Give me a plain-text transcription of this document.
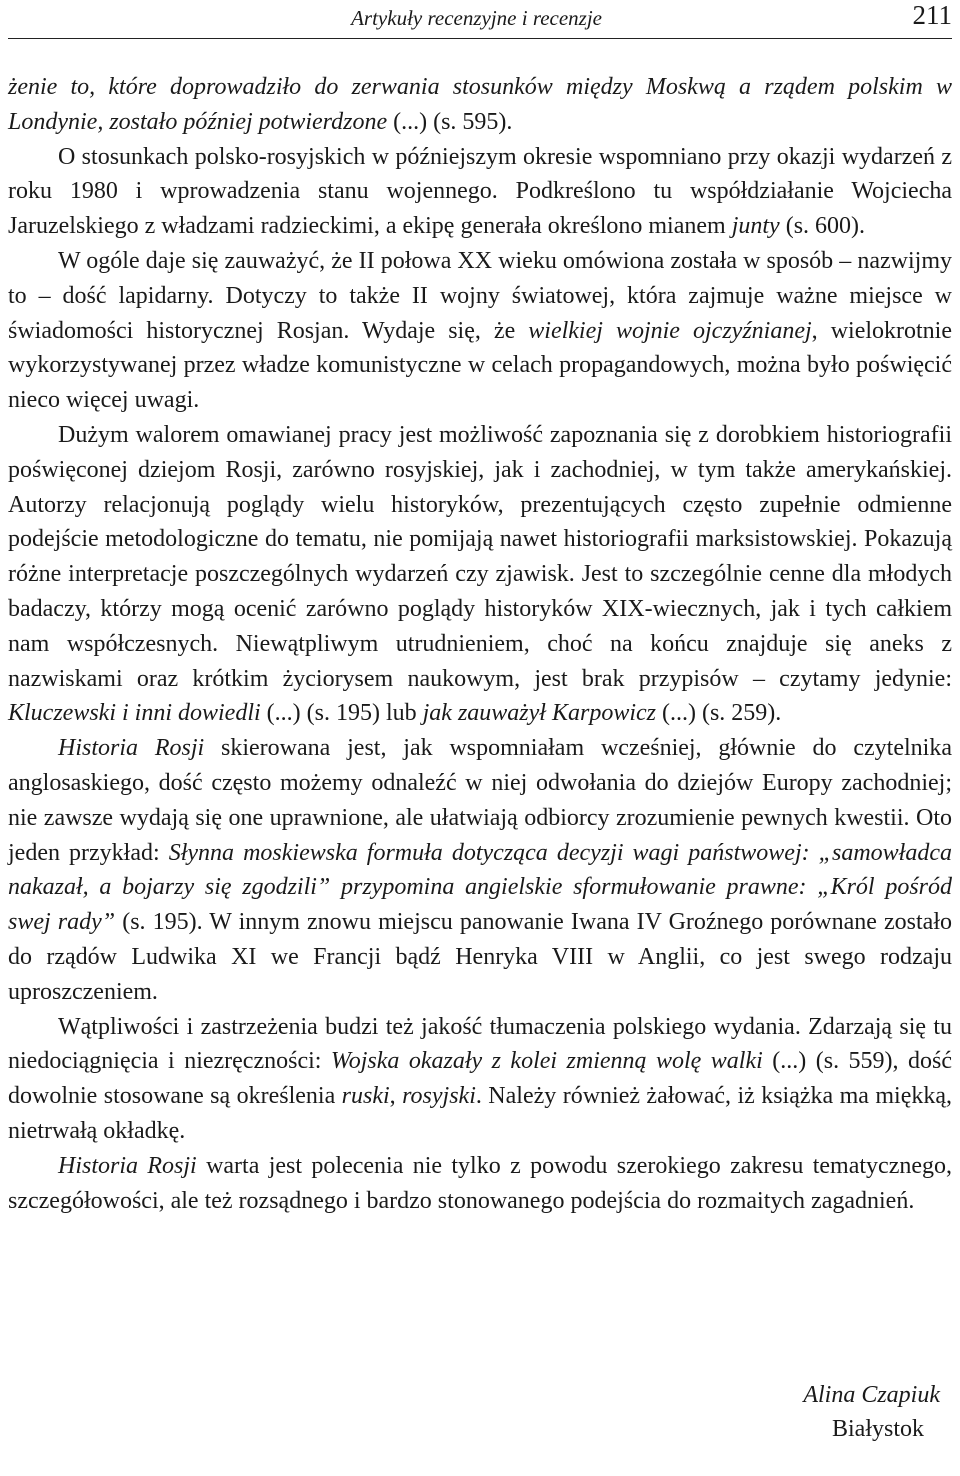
Artykuły recenzyjne i recenzje	211

żenie to, które doprowadziło do zerwania stosunków między Moskwą a rządem polskim w Londynie, zostało później potwierdzone (...) (s. 595).

O stosunkach polsko-rosyjskich w późniejszym okresie wspomniano przy okazji wydarzeń z roku 1980 i wprowadzenia stanu wojennego. Podkreślono tu współdziałanie Wojciecha Jaruzelskiego z władzami radzieckimi, a ekipę generała określono mianem junty (s. 600).

W ogóle daje się zauważyć, że II połowa XX wieku omówiona została w sposób – nazwijmy to – dość lapidarny. Dotyczy to także II wojny światowej, która zajmuje ważne miejsce w świadomości historycznej Rosjan. Wydaje się, że wielkiej wojnie ojczyźnianej, wielokrotnie wykorzystywanej przez władze komunistyczne w celach propagandowych, można było poświęcić nieco więcej uwagi.

Dużym walorem omawianej pracy jest możliwość zapoznania się z dorobkiem historiografii poświęconej dziejom Rosji, zarówno rosyjskiej, jak i zachodniej, w tym także amerykańskiej. Autorzy relacjonują poglądy wielu historyków, prezentujących często zupełnie odmienne podejście metodologiczne do tematu, nie pomijają nawet historiografii marksistowskiej. Pokazują różne interpretacje poszczególnych wydarzeń czy zjawisk. Jest to szczególnie cenne dla młodych badaczy, którzy mogą ocenić zarówno poglądy historyków XIX-wiecznych, jak i tych całkiem nam współczesnych. Niewątpliwym utrudnieniem, choć na końcu znajduje się aneks z nazwiskami oraz krótkim życiorysem naukowym, jest brak przypisów – czytamy jedynie: Kluczewski i inni dowiedli (...) (s. 195) lub jak zauważył Karpowicz (...) (s. 259).

Historia Rosji skierowana jest, jak wspomniałam wcześniej, głównie do czytelnika anglosaskiego, dość często możemy odnaleźć w niej odwołania do dziejów Europy zachodniej; nie zawsze wydają się one uprawnione, ale ułatwiają odbiorcy zrozumienie pewnych kwestii. Oto jeden przykład: Słynna moskiewska formuła dotycząca decyzji wagi państwowej: „samowładca nakazał, a bojarzy się zgodzili” przypomina angielskie sformułowanie prawne: „Król pośród swej rady” (s. 195). W innym znowu miejscu panowanie Iwana IV Groźnego porównane zostało do rządów Ludwika XI we Francji bądź Henryka VIII w Anglii, co jest swego rodzaju uproszczeniem.

Wątpliwości i zastrzeżenia budzi też jakość tłumaczenia polskiego wydania. Zdarzają się tu niedociągnięcia i niezręczności: Wojska okazały z kolei zmienną wolę walki (...) (s. 559), dość dowolnie stosowane są określenia ruski, rosyjski. Należy również żałować, iż książka ma miękką, nietrwałą okładkę.

Historia Rosji warta jest polecenia nie tylko z powodu szerokiego zakresu tematycznego, szczegółowości, ale też rozsądnego i bardzo stonowanego podejścia do rozmaitych zagadnień.

Alina Czapiuk
Białystok
